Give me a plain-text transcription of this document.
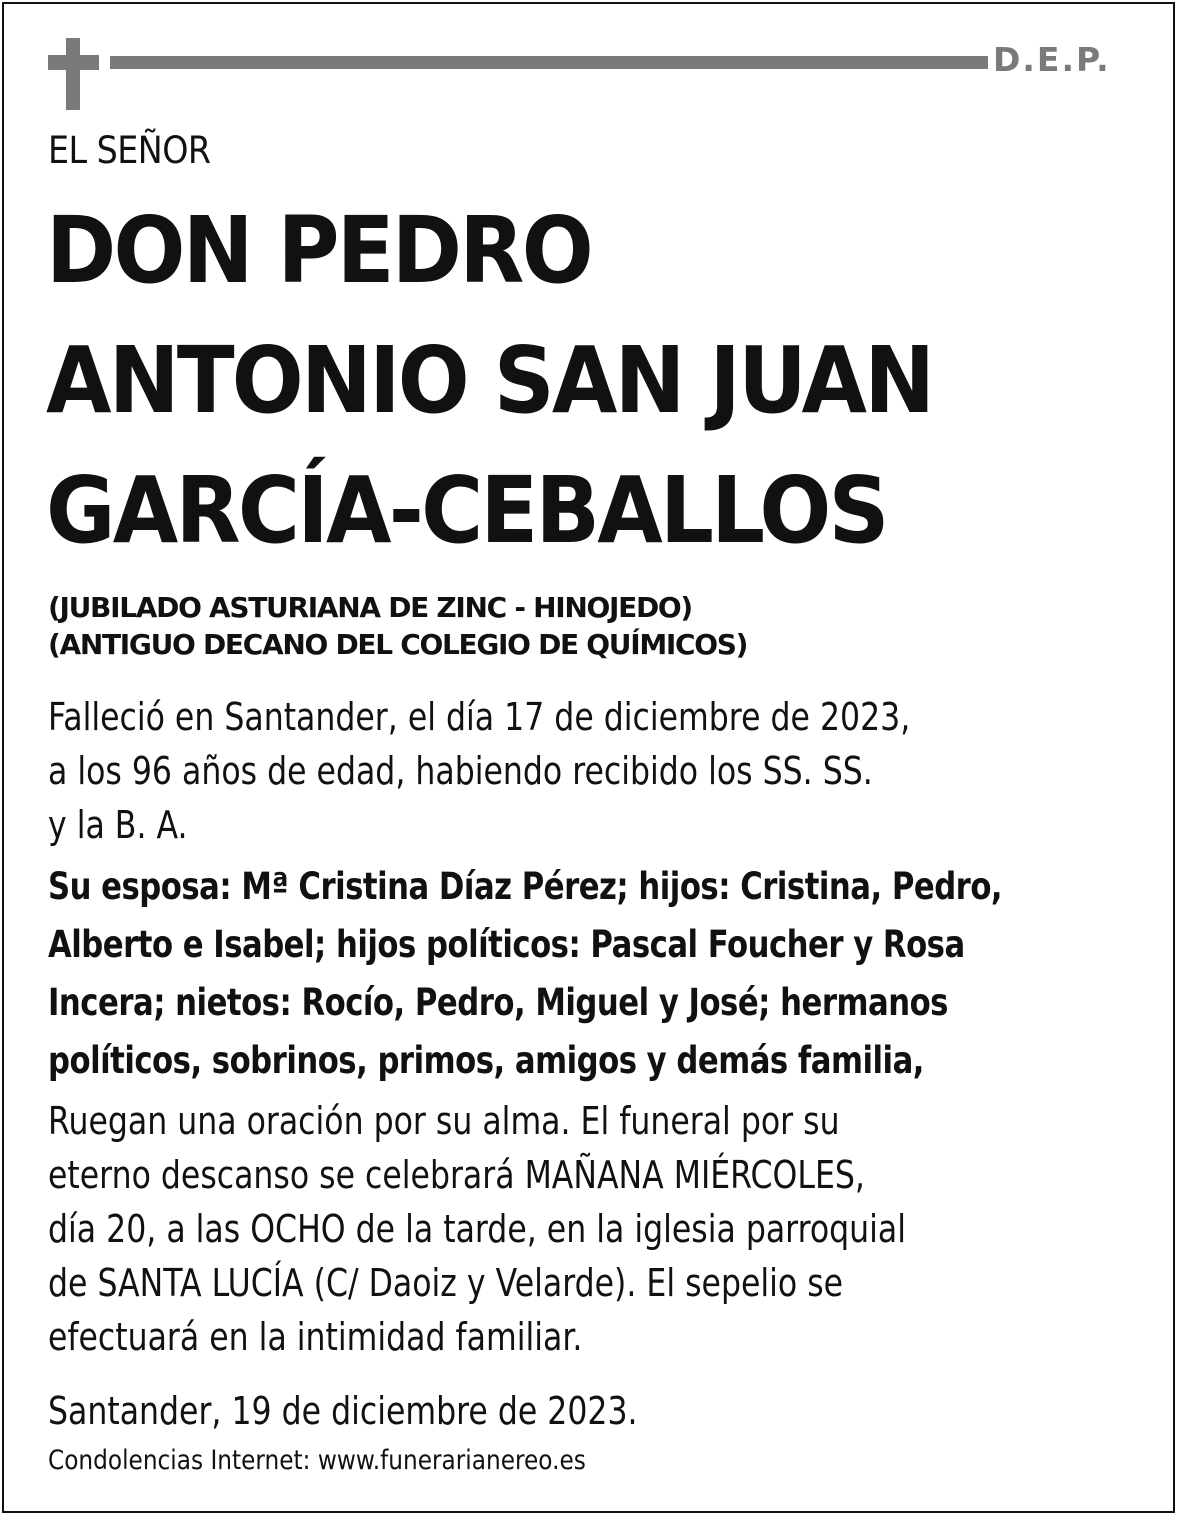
D.E.P.
EL SEÑOR
DON PEDRO
ANTONIO SAN JUAN
GARCÍA-CEBALLOS
(JUBILADO ASTURIANA DE ZINC - HINOJEDO)
(ANTIGUO DECANO DEL COLEGIO DE QUÍMICOS)
Falleció en Santander, el día 17 de diciembre de 2023,
a los 96 años de edad, habiendo recibido los SS. SS.
y la B. A.
Su esposa: Mª Cristina Díaz Pérez; hijos: Cristina, Pedro,
Alberto e Isabel; hijos políticos: Pascal Foucher y Rosa
Incera; nietos: Rocío, Pedro, Miguel y José; hermanos
políticos, sobrinos, primos, amigos y demás familia,
Ruegan una oración por su alma. El funeral por su
eterno descanso se celebrará MAÑANA MIÉRCOLES,
día 20, a las OCHO de la tarde, en la iglesia parroquial
de SANTA LUCÍA (C/ Daoiz y Velarde). El sepelio se
efectuará en la intimidad familiar.
Santander, 19 de diciembre de 2023.
Condolencias Internet: www.funerarianereo.es
